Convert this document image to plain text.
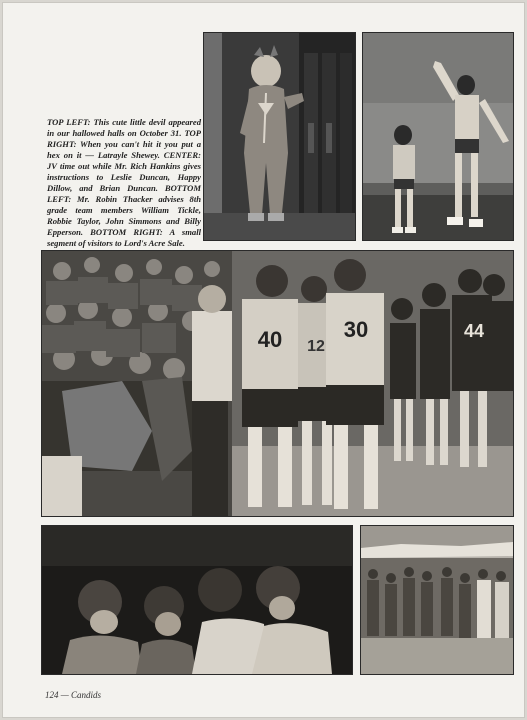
TOP LEFT: This cute little devil appeared in our hallowed halls on October 31. TOP RIGHT: When you can't hit it you put a hex on it — Latrayle Shewey. CENTER: JV time out while Mr. Rich Hankins gives instructions to Leslie Duncan, Happy Dillow, and Brian Duncan. BOTTOM LEFT: Mr. Robin Thacker advises 8th grade team members William Tickle, Robbie Taylor, John Simmons and Billy Epperson. BOTTOM RIGHT: A small segment of visitors to Lord's Acre Sale.

40 12
30	44

124 — Candids
